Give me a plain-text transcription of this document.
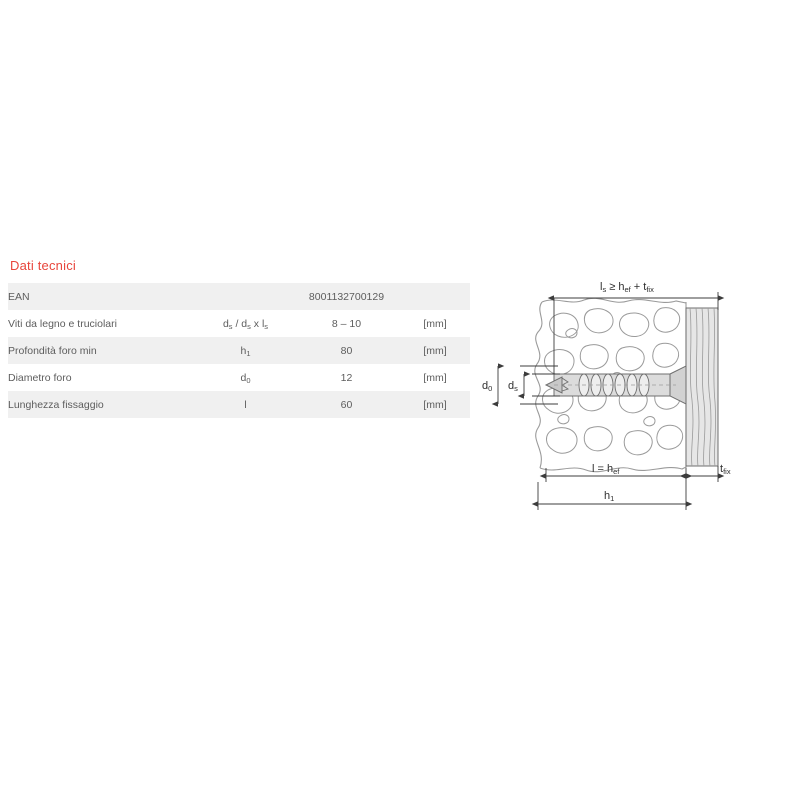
Dati tecnici
EAN		8001132700129	
Viti da legno e truciolari	$d_s / d_s$ x $l_s$	8 – 10	[mm]
Profondità foro min	$h_1$	80	[mm]
Diametro foro	$d_0$	12	[mm]
Lunghezza fissaggio	l	60	[mm]
ls ≥ hef + tfix
d0 ds
l = hef	tfix
h1
